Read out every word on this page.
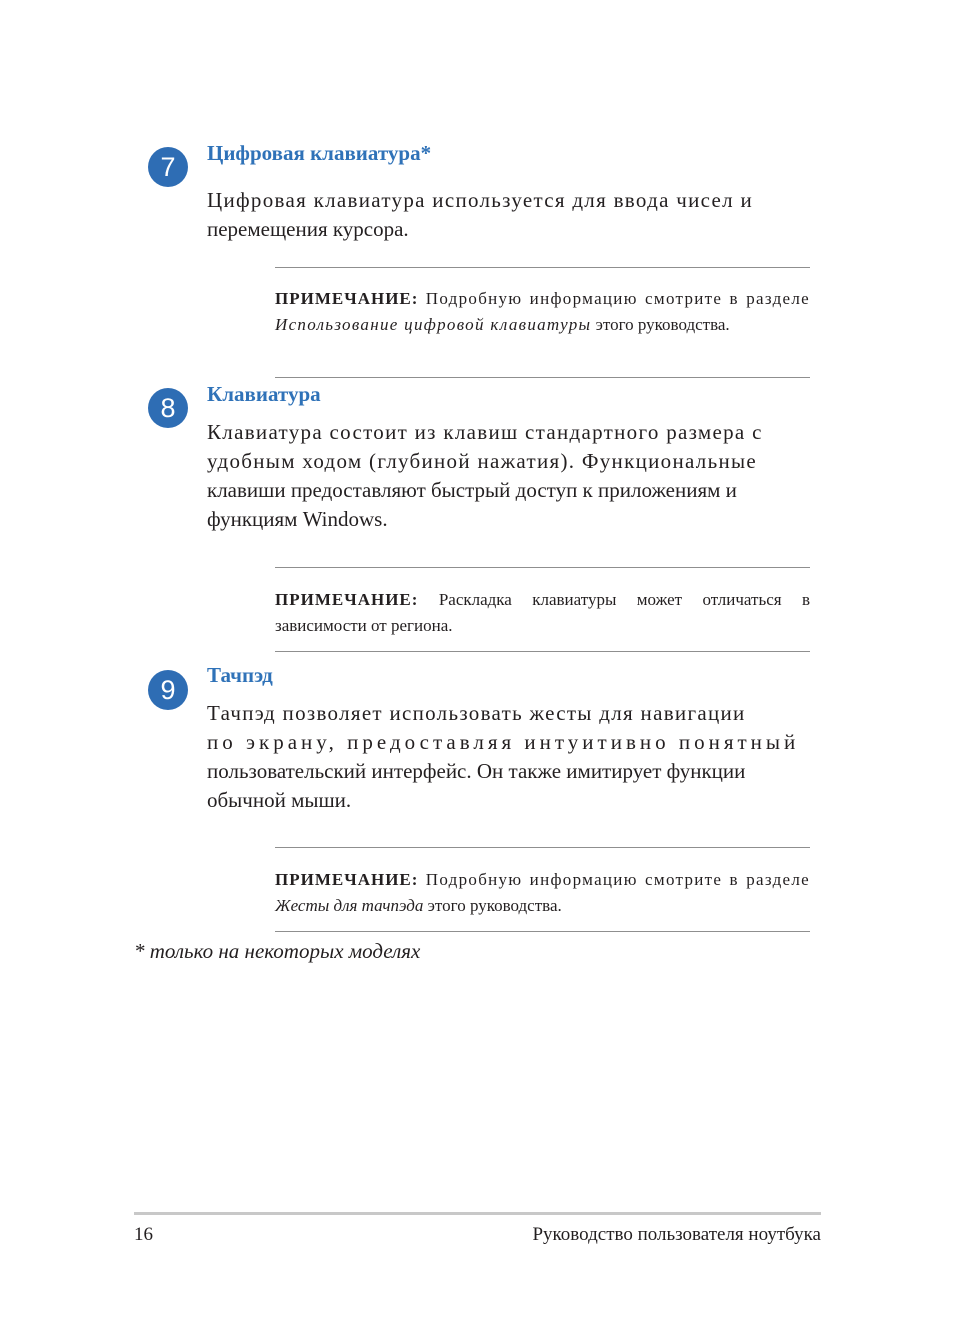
7	Цифровая клавиатура*

Цифровая клавиатура используется для ввода чисел и
перемещения курсора.

ПРИМЕЧАНИЕ: Подробную информацию смотрите в разделе Использование цифровой клавиатуры этого руководства.

8	Клавиатура

Клавиатура состоит из клавиш стандартного размера с
удобным ходом (глубиной нажатия). Функциональные
клавиши предоставляют быстрый доступ к приложениям и
функциям Windows.

ПРИМЕЧАНИЕ: Раскладка клавиатуры может отличаться в зависимости от региона.

9	Тачпэд

Тачпэд позволяет использовать жесты для навигации
по экрану, предоставляя интуитивно понятный
пользовательский интерфейс. Он также имитирует функции
обычной мыши.

ПРИМЕЧАНИЕ: Подробную информацию смотрите в разделе Жесты для тачпэда этого руководства.

* только на некоторых моделях

16	Руководство пользователя ноутбука
